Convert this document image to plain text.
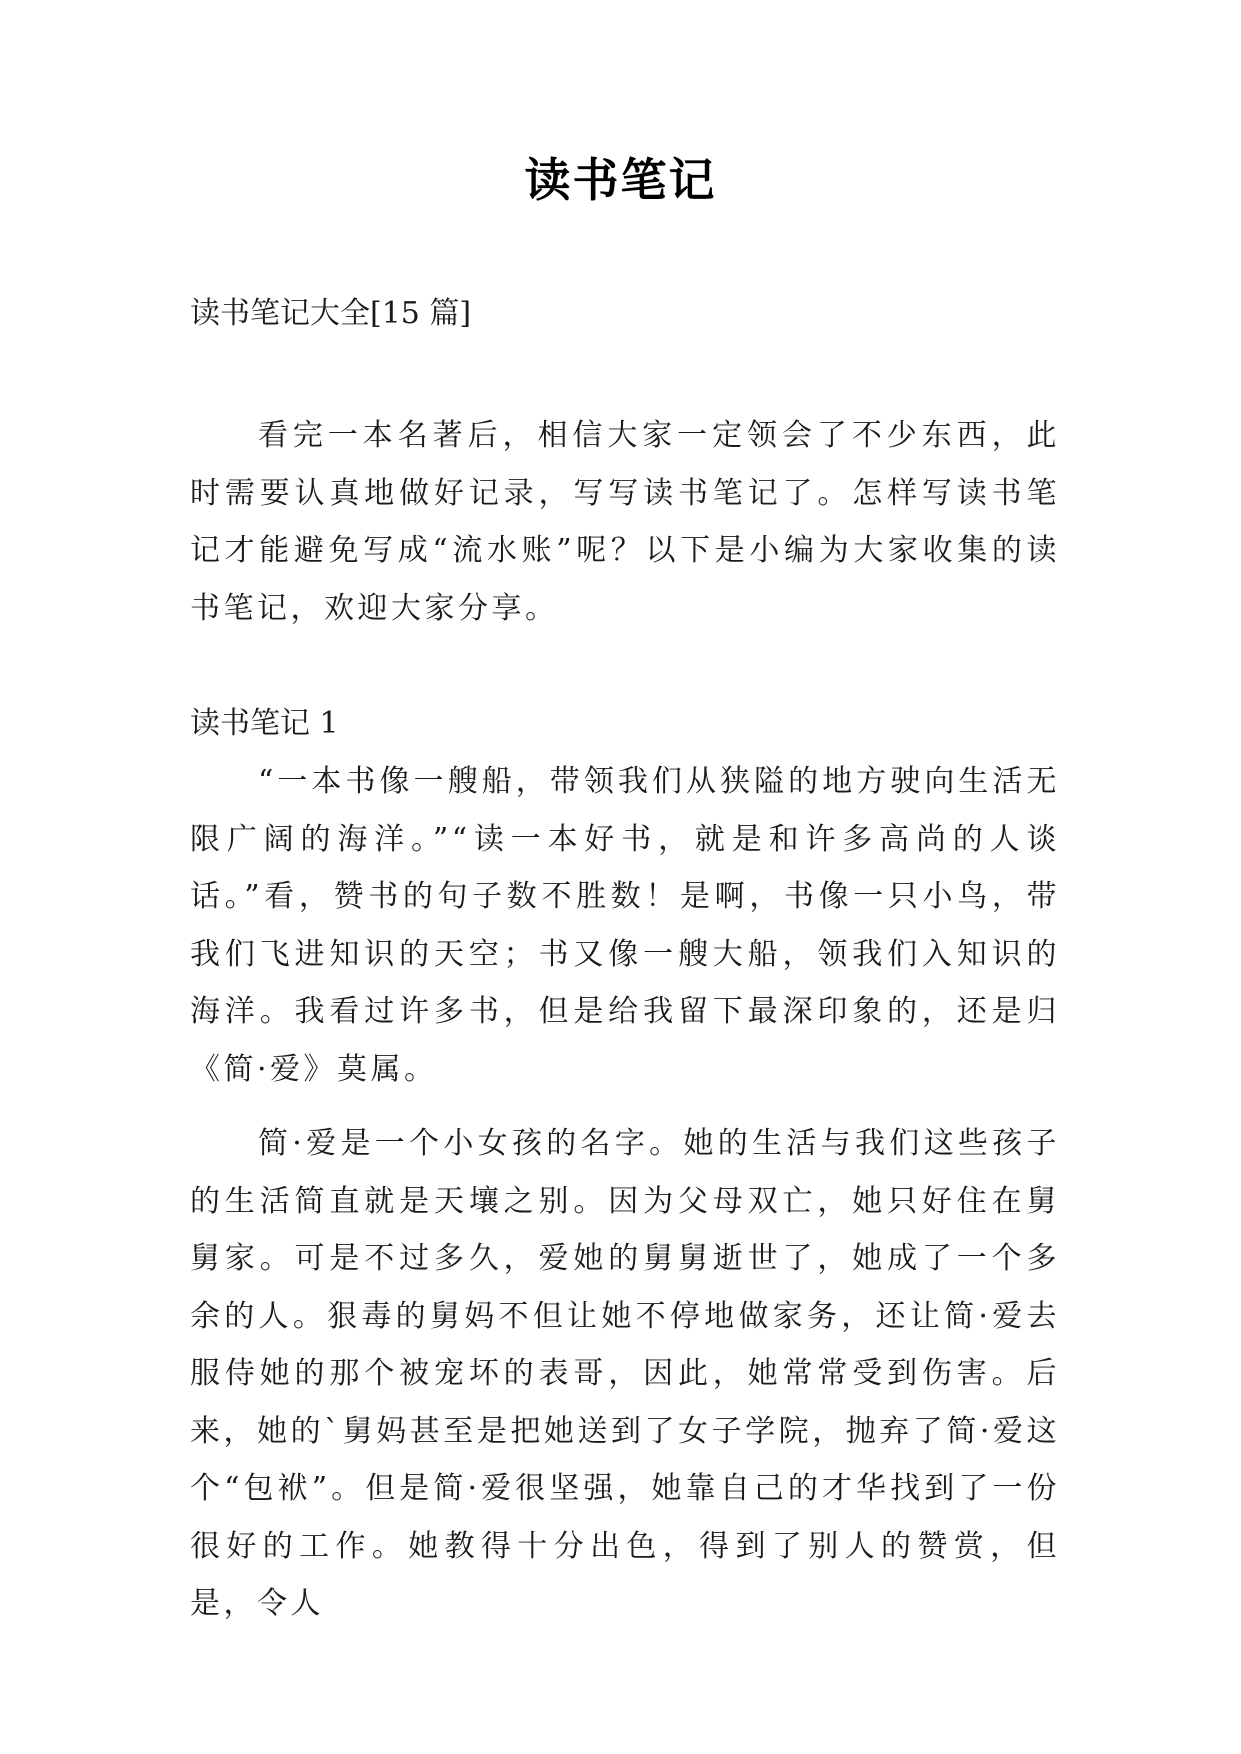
读书笔记
读书笔记大全[15 篇]

看完一本名著后，相信大家一定领会了不少东西，此时需要认真地做好记录，写写读书笔记了。怎样写读书笔记才能避免写成“流水账”呢？以下是小编为大家收集的读书笔记，欢迎大家分享。

读书笔记 1

“一本书像一艘船，带领我们从狭隘的地方驶向生活无限广阔的海洋。”“读一本好书，就是和许多高尚的人谈话。”看，赞书的句子数不胜数！是啊，书像一只小鸟，带我们飞进知识的天空；书又像一艘大船，领我们入知识的海洋。我看过许多书，但是给我留下最深印象的，还是归《简·爱》莫属。

简·爱是一个小女孩的名字。她的生活与我们这些孩子的生活简直就是天壤之别。因为父母双亡，她只好住在舅舅家。可是不过多久，爱她的舅舅逝世了，她成了一个多余的人。狠毒的舅妈不但让她不停地做家务，还让简·爱去服侍她的那个被宠坏的表哥，因此，她常常受到伤害。后来，她的`舅妈甚至是把她送到了女子学院，抛弃了简·爱这个“包袱”。但是简·爱很坚强，她靠自己的才华找到了一份很好的工作。她教得十分出色，得到了别人的赞赏，但是，令人
